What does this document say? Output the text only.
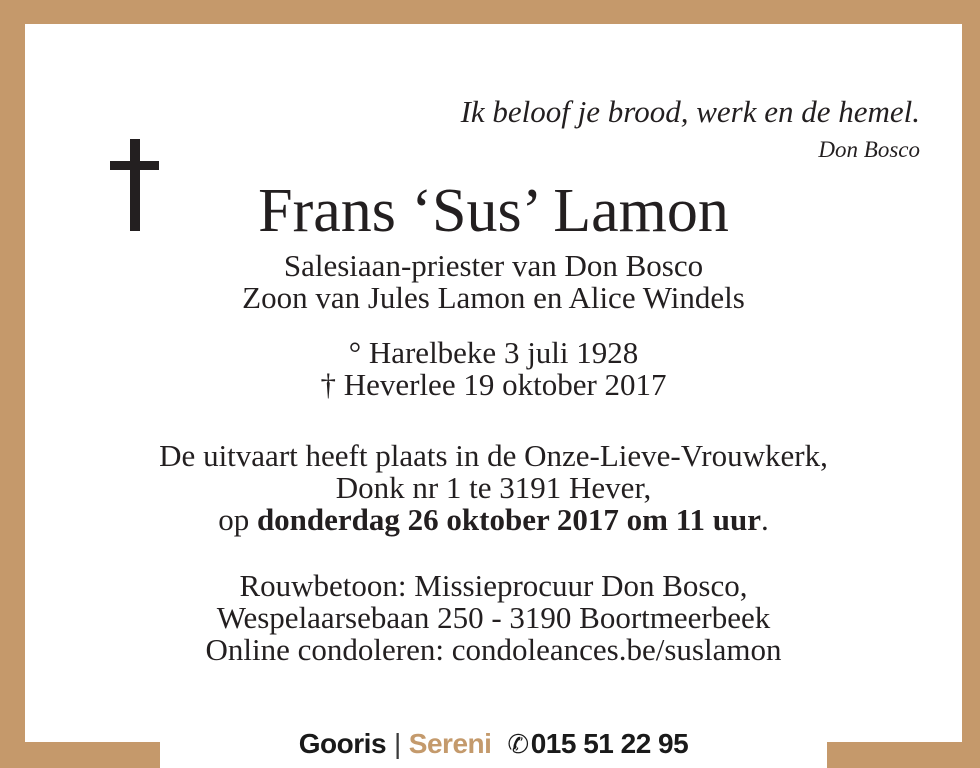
Ik beloof je brood, werk en de hemel.
Don Bosco
Frans ‘Sus’ Lamon
Salesiaan-priester van Don Bosco
Zoon van Jules Lamon en Alice Windels
° Harelbeke 3 juli 1928
† Heverlee 19 oktober 2017
De uitvaart heeft plaats in de Onze-Lieve-Vrouwkerk,
Donk nr 1 te 3191 Hever,
op donderdag 26 oktober 2017 om 11 uur.
Rouwbetoon: Missieprocuur Don Bosco,
Wespelaarsebaan 250 - 3190 Boortmeerbeek
Online condoleren: condoleances.be/suslamon
Gooris | Sereni ✆015 51 22 95
